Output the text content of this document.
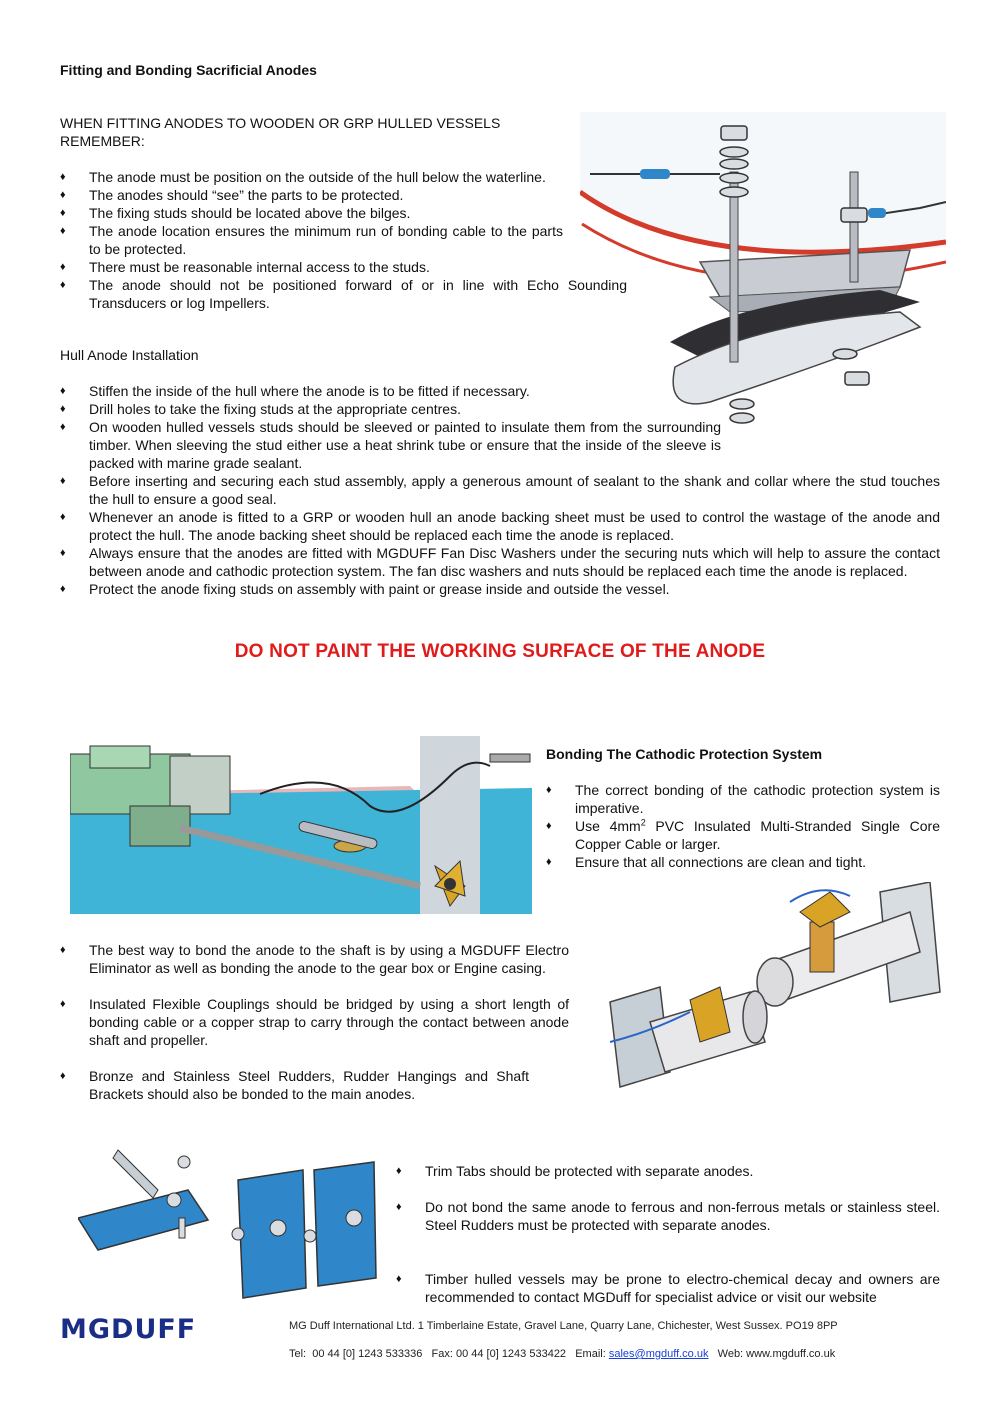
Fitting and Bonding Sacrificial Anodes
WHEN FITTING ANODES TO WOODEN OR GRP HULLED VESSELS
REMEMBER:
♦ The anode must be position on the outside of the hull below the waterline.
♦ The anodes should “see” the parts to be protected.
♦ The fixing studs should be located above the bilges.
♦ The anode location ensures the minimum run of bonding cable to the parts to be protected.
♦ There must be reasonable internal access to the studs.
♦ The anode should not be positioned forward of or in line with Echo Sounding Transducers or log Impellers.
Hull Anode Installation
♦ Stiffen the inside of the hull where the anode is to be fitted if necessary.
♦ Drill holes to take the fixing studs at the appropriate centres.
♦ On wooden hulled vessels studs should be sleeved or painted to insulate them from the surrounding timber. When sleeving the stud either use a heat shrink tube or ensure that the inside of the sleeve is packed with marine grade sealant.
♦ Before inserting and securing each stud assembly, apply a generous amount of sealant to the shank and collar where the stud touches the hull to ensure a good seal.
♦ Whenever an anode is fitted to a GRP or wooden hull an anode backing sheet must be used to control the wastage of the anode and protect the hull. The anode backing sheet should be replaced each time the anode is replaced.
♦ Always ensure that the anodes are fitted with MGDUFF Fan Disc Washers under the securing nuts which will help to assure the contact between anode and cathodic protection system. The fan disc washers and nuts should be replaced each time the anode is replaced.
♦ Protect the anode fixing studs on assembly with paint or grease inside and outside the vessel.
DO NOT PAINT THE WORKING SURFACE OF THE ANODE
Bonding The Cathodic Protection System
♦ The correct bonding of the cathodic protection system is imperative.
♦ Use $4mm^2$ PVC Insulated Multi-Stranded Single Core Copper Cable or larger.
♦ Ensure that all connections are clean and tight.
♦ The best way to bond the anode to the shaft is by using a MGDUFF Electro Eliminator as well as bonding the anode to the gear box or Engine casing.
♦ Insulated Flexible Couplings should be bridged by using a short length of bonding cable or a copper strap to carry through the contact between anode shaft and propeller.
♦ Bronze and Stainless Steel Rudders, Rudder Hangings and Shaft Brackets should also be bonded to the main anodes.
♦ Trim Tabs should be protected with separate anodes.
♦ Do not bond the same anode to ferrous and non-ferrous metals or stainless steel. Steel Rudders must be protected with separate anodes.
♦ Timber hulled vessels may be prone to electro-chemical decay and owners are recommended to contact MGDuff for specialist advice or visit our website
MGDUFF	MG Duff International Ltd. 1 Timberlaine Estate, Gravel Lane, Quarry Lane, Chichester, West Sussex. PO19 8PP
Tel:  00 44 [0] 1243 533336   Fax: 00 44 [0] 1243 533422   Email: sales@mgduff.co.uk   Web: www.mgduff.co.uk
